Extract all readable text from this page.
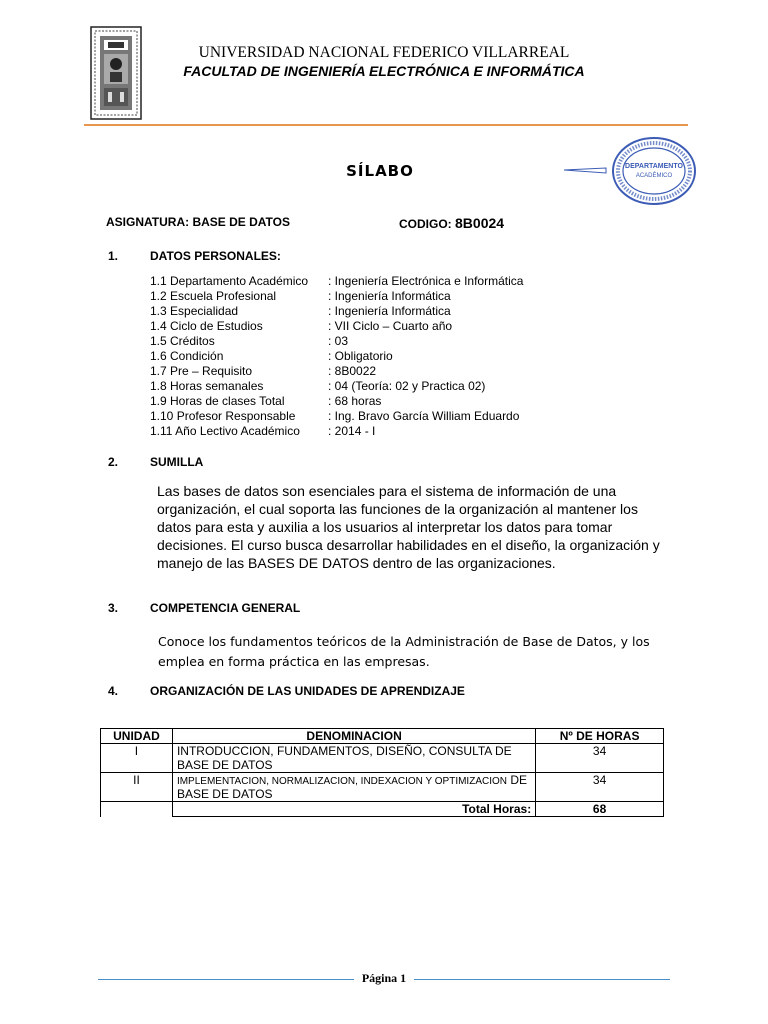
UNIVERSIDAD NACIONAL FEDERICO VILLARREAL
FACULTAD DE INGENIERÍA ELECTRÓNICA E INFORMÁTICA
SÍLABO	DEPARTAMENTO
ACADÉMICO
ASIGNATURA: BASE DE DATOS	CODIGO: 8B0024
1.	DATOS PERSONALES:
1.1 Departamento Académico : Ingeniería Electrónica e Informática
1.2 Escuela Profesional	: Ingeniería Informática
1.3 Especialidad	: Ingeniería Informática
1.4 Ciclo de Estudios	: VII Ciclo – Cuarto año
1.5 Créditos	: 03
1.6 Condición	: Obligatorio
1.7 Pre – Requisito	: 8B0022
1.8 Horas semanales	: 04 (Teoría: 02 y Practica 02)
1.9 Horas de clases Total	: 68 horas
1.10 Profesor Responsable	: Ing. Bravo García William Eduardo
1.11 Año Lectivo Académico : 2014 - I
2.	SUMILLA
Las bases de datos son esenciales para el sistema de información de una organización, el cual soporta las funciones de la organización al mantener los datos para esta y auxilia a los usuarios al interpretar los datos para tomar decisiones. El curso busca desarrollar habilidades en el diseño, la organización y manejo de las BASES DE DATOS dentro de las organizaciones.
3.	COMPETENCIA GENERAL
Conoce los fundamentos teóricos de la Administración de Base de Datos, y los emplea en forma práctica en las empresas.
4.	ORGANIZACIÓN DE LAS UNIDADES DE APRENDIZAJE
UNIDAD	DENOMINACION	Nº DE HORAS
I	INTRODUCCION, FUNDAMENTOS, DISEÑO, CONSULTA DE BASE DE DATOS	34
II	IMPLEMENTACION, NORMALIZACION, INDEXACION Y OPTIMIZACION DE BASE DE DATOS	34
	Total Horas:	68
Página 1
